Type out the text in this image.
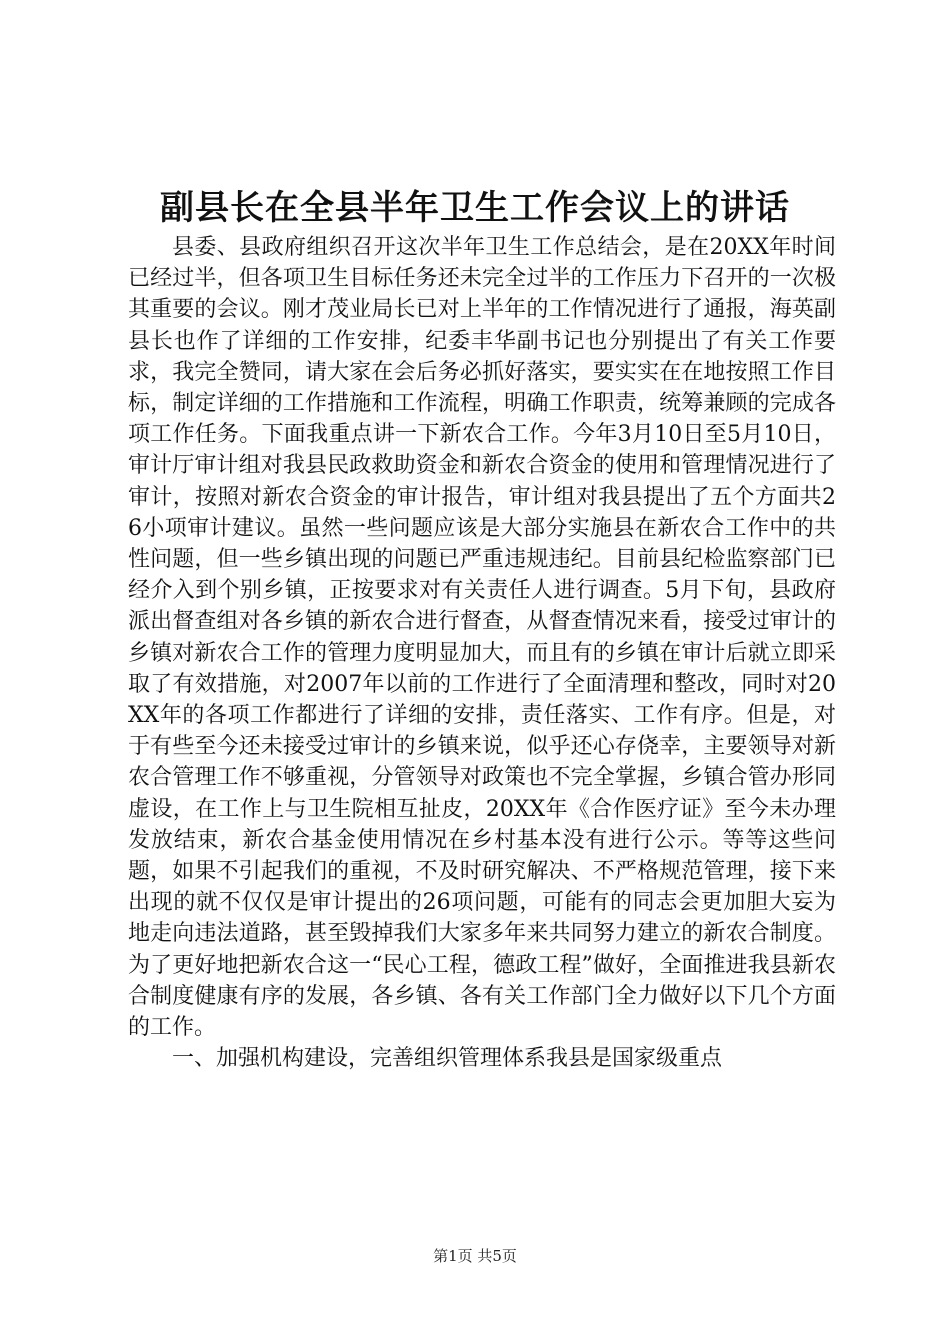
副县长在全县半年卫生工作会议上的讲话

县委、县政府组织召开这次半年卫生工作总结会，是在20XX年时间已经过半，但各项卫生目标任务还未完全过半的工作压力下召开的一次极其重要的会议。刚才茂业局长已对上半年的工作情况进行了通报，海英副县长也作了详细的工作安排，纪委丰华副书记也分别提出了有关工作要求，我完全赞同，请大家在会后务必抓好落实，要实实在在地按照工作目标，制定详细的工作措施和工作流程，明确工作职责，统筹兼顾的完成各项工作任务。下面我重点讲一下新农合工作。今年3月10日至5月10日，审计厅审计组对我县民政救助资金和新农合资金的使用和管理情况进行了审计，按照对新农合资金的审计报告，审计组对我县提出了五个方面共26小项审计建议。虽然一些问题应该是大部分实施县在新农合工作中的共性问题，但一些乡镇出现的问题已严重违规违纪。目前县纪检监察部门已经介入到个别乡镇，正按要求对有关责任人进行调查。5月下旬，县政府派出督查组对各乡镇的新农合进行督查，从督查情况来看，接受过审计的乡镇对新农合工作的管理力度明显加大，而且有的乡镇在审计后就立即采取了有效措施，对2007年以前的工作进行了全面清理和整改，同时对20XX年的各项工作都进行了详细的安排，责任落实、工作有序。但是，对于有些至今还未接受过审计的乡镇来说，似乎还心存侥幸，主要领导对新农合管理工作不够重视，分管领导对政策也不完全掌握，乡镇合管办形同虚设，在工作上与卫生院相互扯皮，20XX年《合作医疗证》至今未办理发放结束，新农合基金使用情况在乡村基本没有进行公示。等等这些问题，如果不引起我们的重视，不及时研究解决、不严格规范管理，接下来出现的就不仅仅是审计提出的26项问题，可能有的同志会更加胆大妄为地走向违法道路，甚至毁掉我们大家多年来共同努力建立的新农合制度。为了更好地把新农合这一“民心工程，德政工程”做好，全面推进我县新农合制度健康有序的发展，各乡镇、各有关工作部门全力做好以下几个方面的工作。

一、加强机构建设，完善组织管理体系我县是国家级重点

第1页 共5页
